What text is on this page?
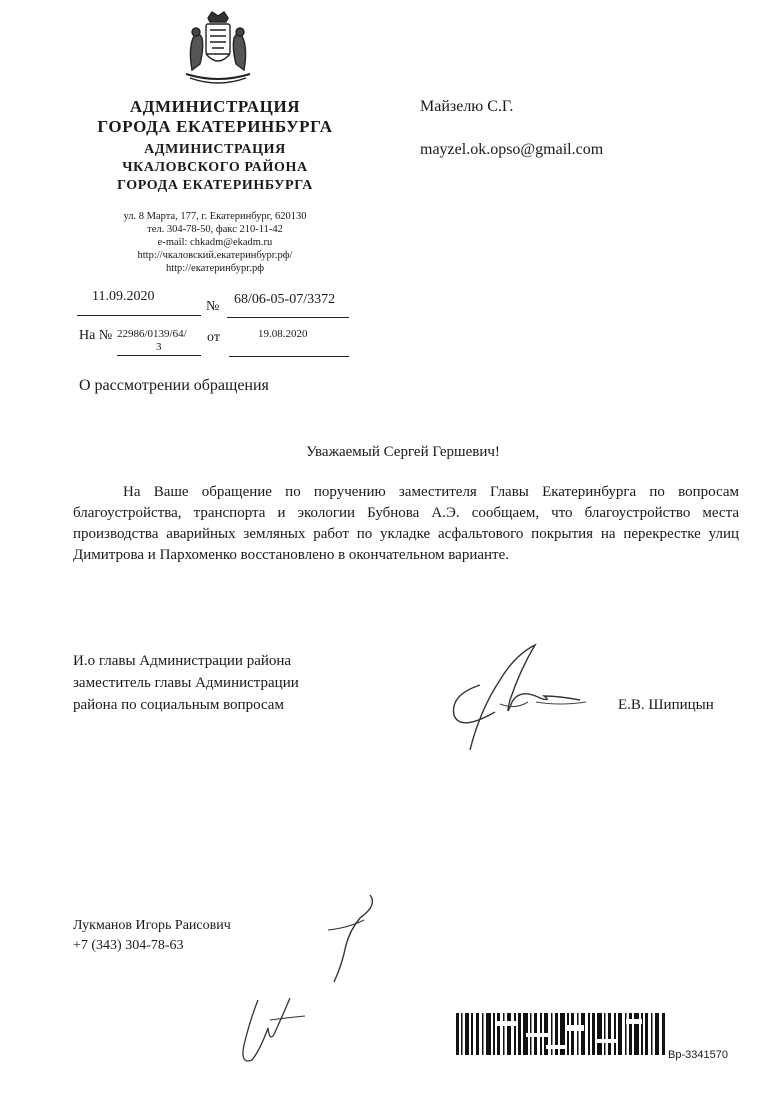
АДМИНИСТРАЦИЯ
ГОРОДА ЕКАТЕРИНБУРГА
АДМИНИСТРАЦИЯ
ЧКАЛОВСКОГО РАЙОНА
ГОРОДА ЕКАТЕРИНБУРГА
ул. 8 Марта, 177, г. Екатеринбург, 620130
тел. 304-78-50, факс 210-11-42
e-mail: chkadm@ekadm.ru
http://чкаловский.екатеринбург.рф/
http://екатеринбург.рф
11.09.2020
№ 68/06-05-07/3372
На № 22986/0139/64/
3
от	19.08.2020
Майзелю С.Г.
mayzel.ok.opso@gmail.com
О рассмотрении обращения
Уважаемый Сергей Гершевич!
На Ваше обращение по поручению заместителя Главы Екатеринбурга по вопросам благоустройства, транспорта и экологии Бубнова А.Э. сообщаем, что благоустройство места производства аварийных земляных работ по укладке асфальтового покрытия на перекрестке улиц Димитрова и Пархоменко восстановлено в окончательном варианте.
И.о главы Администрации района
заместитель главы Администрации
района по социальным вопросам	Е.В. Шипицын
Лукманов Игорь Раисович
+7 (343) 304-78-63
Вр-3341570
